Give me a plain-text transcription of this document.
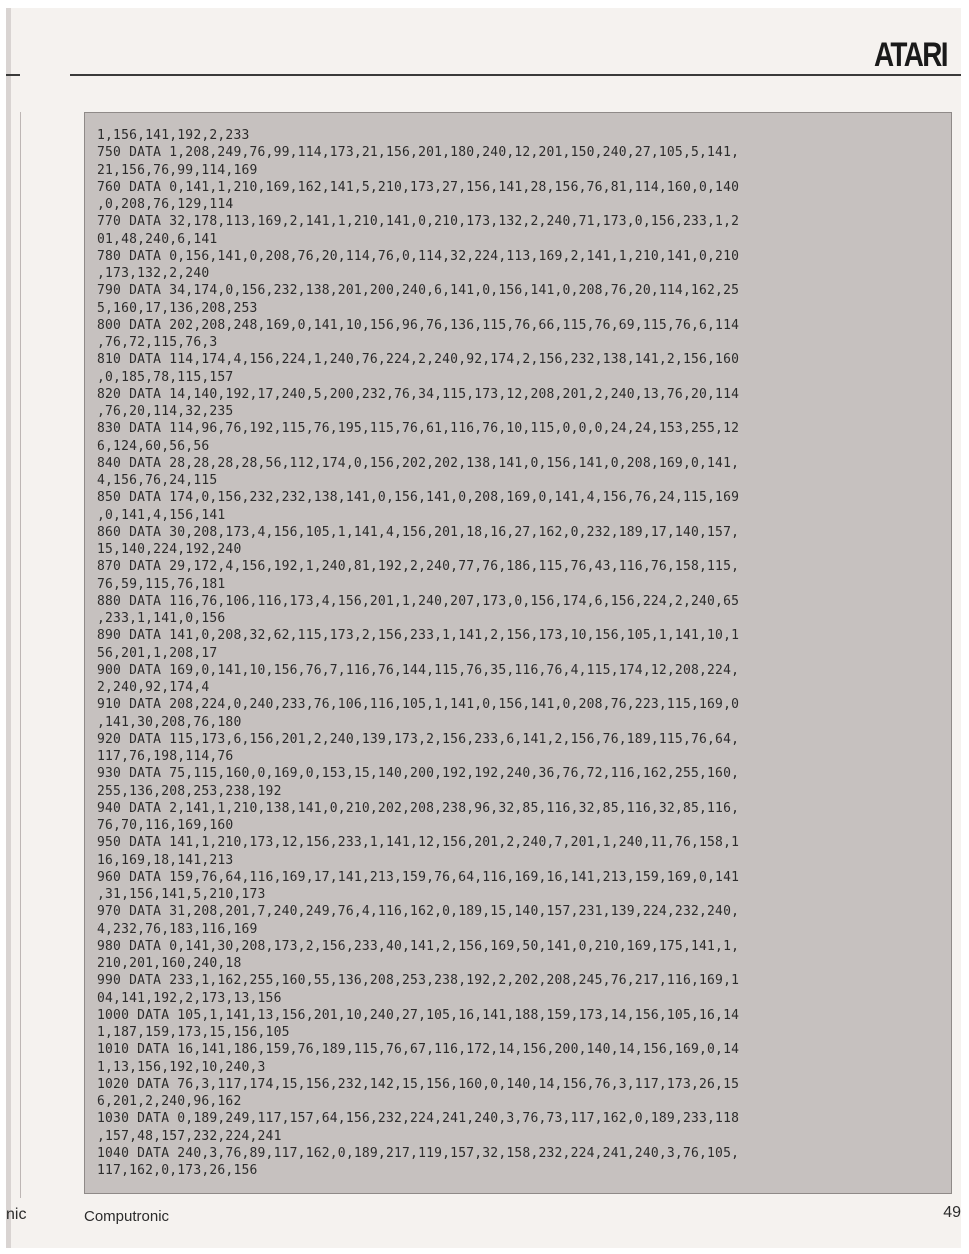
ATARI
1,156,141,192,2,233
750 DATA 1,208,249,76,99,114,173,21,156,201,180,240,12,201,150,240,27,105,5,141,
21,156,76,99,114,169
760 DATA 0,141,1,210,169,162,141,5,210,173,27,156,141,28,156,76,81,114,160,0,140
,0,208,76,129,114
770 DATA 32,178,113,169,2,141,1,210,141,0,210,173,132,2,240,71,173,0,156,233,1,2
01,48,240,6,141
780 DATA 0,156,141,0,208,76,20,114,76,0,114,32,224,113,169,2,141,1,210,141,0,210
,173,132,2,240
790 DATA 34,174,0,156,232,138,201,200,240,6,141,0,156,141,0,208,76,20,114,162,25
5,160,17,136,208,253
800 DATA 202,208,248,169,0,141,10,156,96,76,136,115,76,66,115,76,69,115,76,6,114
,76,72,115,76,3
810 DATA 114,174,4,156,224,1,240,76,224,2,240,92,174,2,156,232,138,141,2,156,160
,0,185,78,115,157
820 DATA 14,140,192,17,240,5,200,232,76,34,115,173,12,208,201,2,240,13,76,20,114
,76,20,114,32,235
830 DATA 114,96,76,192,115,76,195,115,76,61,116,76,10,115,0,0,0,24,24,153,255,12
6,124,60,56,56
840 DATA 28,28,28,28,56,112,174,0,156,202,202,138,141,0,156,141,0,208,169,0,141,
4,156,76,24,115
850 DATA 174,0,156,232,232,138,141,0,156,141,0,208,169,0,141,4,156,76,24,115,169
,0,141,4,156,141
860 DATA 30,208,173,4,156,105,1,141,4,156,201,18,16,27,162,0,232,189,17,140,157,
15,140,224,192,240
870 DATA 29,172,4,156,192,1,240,81,192,2,240,77,76,186,115,76,43,116,76,158,115,
76,59,115,76,181
880 DATA 116,76,106,116,173,4,156,201,1,240,207,173,0,156,174,6,156,224,2,240,65
,233,1,141,0,156
890 DATA 141,0,208,32,62,115,173,2,156,233,1,141,2,156,173,10,156,105,1,141,10,1
56,201,1,208,17
900 DATA 169,0,141,10,156,76,7,116,76,144,115,76,35,116,76,4,115,174,12,208,224,
2,240,92,174,4
910 DATA 208,224,0,240,233,76,106,116,105,1,141,0,156,141,0,208,76,223,115,169,0
,141,30,208,76,180
920 DATA 115,173,6,156,201,2,240,139,173,2,156,233,6,141,2,156,76,189,115,76,64,
117,76,198,114,76
930 DATA 75,115,160,0,169,0,153,15,140,200,192,192,240,36,76,72,116,162,255,160,
255,136,208,253,238,192
940 DATA 2,141,1,210,138,141,0,210,202,208,238,96,32,85,116,32,85,116,32,85,116,
76,70,116,169,160
950 DATA 141,1,210,173,12,156,233,1,141,12,156,201,2,240,7,201,1,240,11,76,158,1
16,169,18,141,213
960 DATA 159,76,64,116,169,17,141,213,159,76,64,116,169,16,141,213,159,169,0,141
,31,156,141,5,210,173
970 DATA 31,208,201,7,240,249,76,4,116,162,0,189,15,140,157,231,139,224,232,240,
4,232,76,183,116,169
980 DATA 0,141,30,208,173,2,156,233,40,141,2,156,169,50,141,0,210,169,175,141,1,
210,201,160,240,18
990 DATA 233,1,162,255,160,55,136,208,253,238,192,2,202,208,245,76,217,116,169,1
04,141,192,2,173,13,156
1000 DATA 105,1,141,13,156,201,10,240,27,105,16,141,188,159,173,14,156,105,16,14
1,187,159,173,15,156,105
1010 DATA 16,141,186,159,76,189,115,76,67,116,172,14,156,200,140,14,156,169,0,14
1,13,156,192,10,240,3
1020 DATA 76,3,117,174,15,156,232,142,15,156,160,0,140,14,156,76,3,117,173,26,15
6,201,2,240,96,162
1030 DATA 0,189,249,117,157,64,156,232,224,241,240,3,76,73,117,162,0,189,233,118
,157,48,157,232,224,241
1040 DATA 240,3,76,89,117,162,0,189,217,119,157,32,158,232,224,241,240,3,76,105,
117,162,0,173,26,156
nic	Computronic	49
